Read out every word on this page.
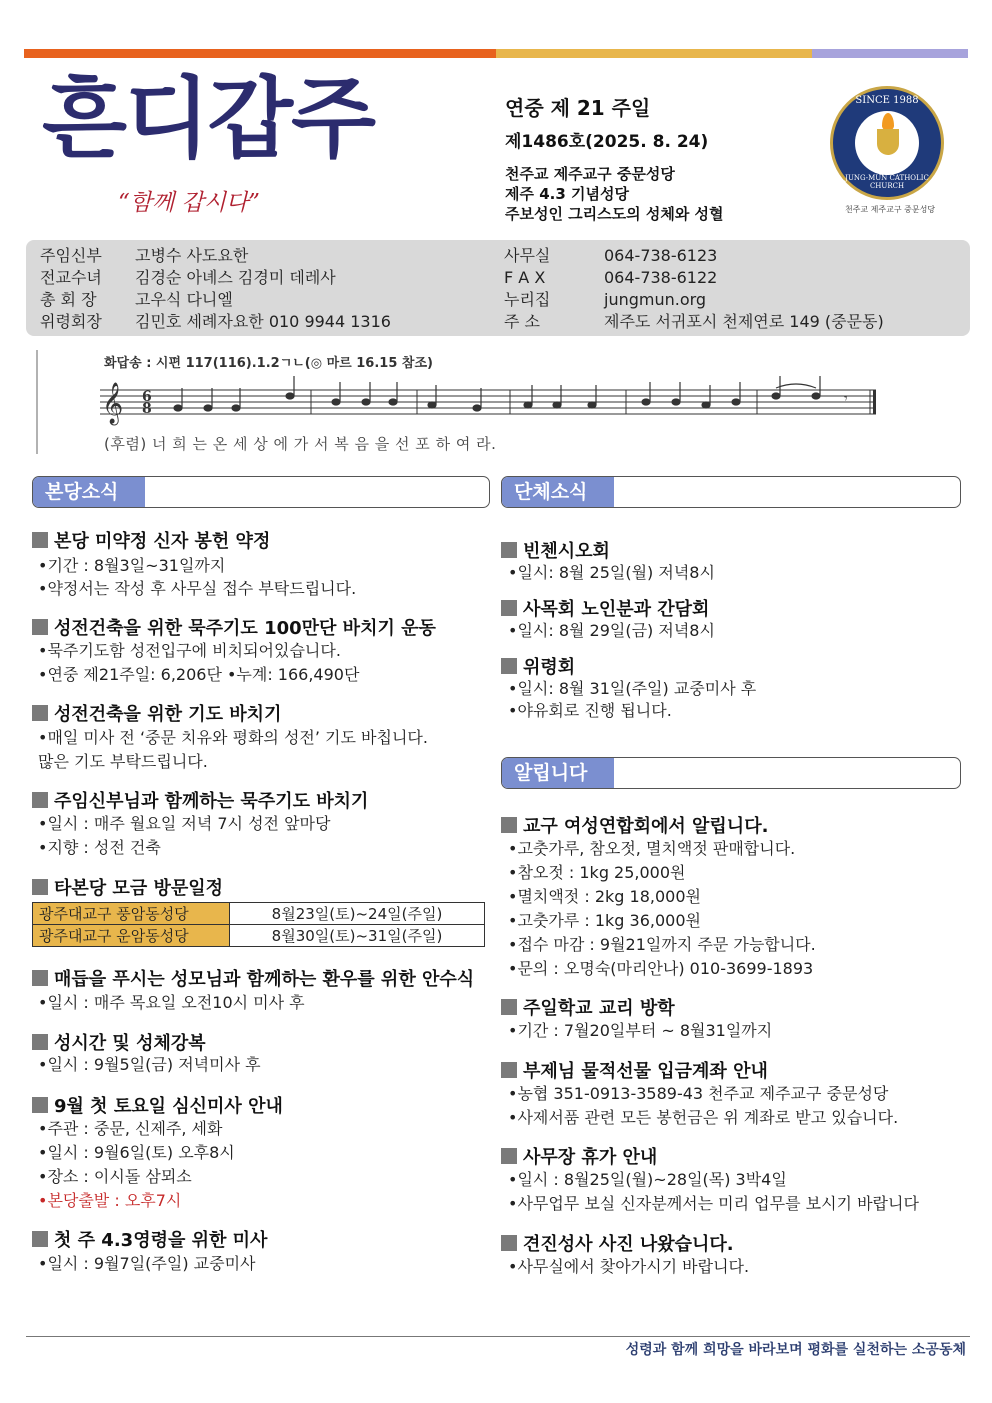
흔디갑주
“함께 갑시다”
연중 제 21 주일
제1486호(2025. 8. 24)
천주교 제주교구 중문성당
제주 4.3 기념성당
주보성인 그리스도의 성체와 성혈
SINCE 1988
JUNG-MUN CATHOLIC CHURCH
천주교 제주교구 중문성당
주임신부 고병수 사도요한
전교수녀 김경순 아녜스 김경미 데레사
총 회 장 고우식 다니엘
위령회장 김민호 세례자요한 010 9944 1316
사무실	064-738-6123
F A X	064-738-6122
누리집	jungmun.org
주 소	제주도 서귀포시 천제연로 149 (중문동)
화답송 : 시편 117(116).1.2ㄱㄴ(◎ 마르 16.15 참조)
𝄞 6
8
𝄾
(후렴) 너 희 는 온 세 상 에 가 서 복 음 을 선 포 하 여 라.
본당소식	단체소식
알립니다
본당 미약정 신자 봉헌 약정
•기간 : 8월3일~31일까지
•약정서는 작성 후 사무실 접수 부탁드립니다.
성전건축을 위한 묵주기도 100만단 바치기 운동
•묵주기도함 성전입구에 비치되어있습니다.
•연중 제21주일: 6,206단 •누계: 166,490단
성전건축을 위한 기도 바치기
•매일 미사 전 ‘중문 치유와 평화의 성전’ 기도 바칩니다.
많은 기도 부탁드립니다.
주임신부님과 함께하는 묵주기도 바치기
•일시 : 매주 월요일 저녁 7시 성전 앞마당
•지향 : 성전 건축
타본당 모금 방문일정
광주대교구 풍암동성당	8월23일(토)~24일(주일)
광주대교구 운암동성당	8월30일(토)~31일(주일)
매듭을 푸시는 성모님과 함께하는 환우를 위한 안수식
•일시 : 매주 목요일 오전10시 미사 후
성시간 및 성체강복
•일시 : 9월5일(금) 저녁미사 후
9월 첫 토요일 심신미사 안내
•주관 : 중문, 신제주, 세화
•일시 : 9월6일(토) 오후8시
•장소 : 이시돌 삼뫼소
•본당출발 : 오후7시
첫 주 4.3영령을 위한 미사
•일시 : 9월7일(주일) 교중미사
빈첸시오회
•일시: 8월 25일(월) 저녁8시
사목회 노인분과 간담회
•일시: 8월 29일(금) 저녁8시
위령회
•일시: 8월 31일(주일) 교중미사 후
•야유회로 진행 됩니다.
교구 여성연합회에서 알립니다.
•고춧가루, 참오젓, 멸치액젓 판매합니다.
•참오젓 : 1kg 25,000원
•멸치액젓 : 2kg 18,000원
•고춧가루 : 1kg 36,000원
•접수 마감 : 9월21일까지 주문 가능합니다.
•문의 : 오명숙(마리안나) 010-3699-1893
주일학교 교리 방학
•기간 : 7월20일부터 ~ 8월31일까지
부제님 물적선물 입금계좌 안내
•농협 351-0913-3589-43 천주교 제주교구 중문성당
•사제서품 관련 모든 봉헌금은 위 계좌로 받고 있습니다.
사무장 휴가 안내
•일시 : 8월25일(월)~28일(목) 3박4일
•사무업무 보실 신자분께서는 미리 업무를 보시기 바랍니다
견진성사 사진 나왔습니다.
•사무실에서 찾아가시기 바랍니다.
성령과 함께 희망을 바라보며 평화를 실천하는 소공동체
